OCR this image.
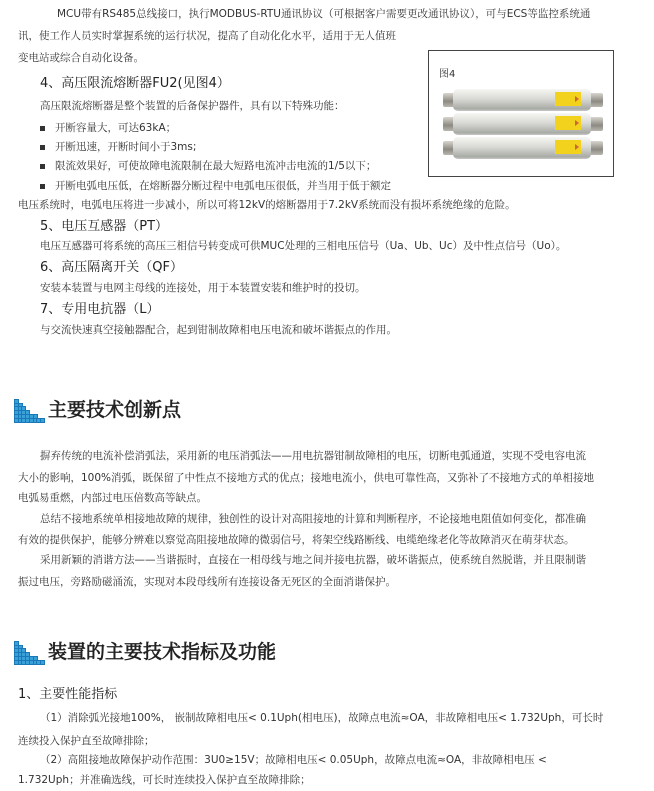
MCU带有RS485总线接口，执行MODBUS-RTU通讯协议（可根据客户需要更改通讯协议），可与ECS等监控系统通
讯，使工作人员实时掌握系统的运行状况，提高了自动化化水平，适用于无人值班
变电站或综合自动化设备。
图4
4、高压限流熔断器FU2(见图4）
高压限流熔断器是整个装置的后备保护器件，具有以下特殊功能：
开断容量大，可达63kA；
开断迅速，开断时间小于3ms;
限流效果好，可使故障电流限制在最大短路电流冲击电流的1/5以下；
开断电弧电压低，在熔断器分断过程中电弧电压很低，并当用于低于额定
电压系统时，电弧电压将进一步减小，所以可将12kV的熔断器用于7.2kV系统而没有损坏系统绝缘的危险。
5、电压互感器（PT）
电压互感器可将系统的高压三相信号转变成可供MUC处理的三相电压信号（Ua、Ub、Uc）及中性点信号（Uo）。
6、高压隔离开关（QF）
安装本装置与电网主母线的连接处，用于本装置安装和维护时的投切。
7、专用电抗器（L）
与交流快速真空接触器配合，起到钳制故障相电压电流和破坏谐振点的作用。
主要技术创新点
摒弃传统的电流补偿消弧法，采用新的电压消弧法——用电抗器钳制故障相的电压，切断电弧通道，实现不受电容电流
大小的影响，100%消弧，既保留了中性点不接地方式的优点；接地电流小，供电可靠性高，又弥补了不接地方式的单相接地
电弧易重燃，内部过电压倍数高等缺点。
总结不接地系统单相接地故障的规律，独创性的设计对高阻接地的计算和判断程序，不论接地电阻值如何变化，都准确
有效的提供保护，能够分辨难以察觉高阻接地故障的微弱信号，将架空线路断线、电缆绝缘老化等故障消灭在萌芽状态。
采用新颖的消谐方法——当谐振时，直接在一相母线与地之间并接电抗器，破坏谐振点，使系统自然脱谐，并且限制谐
振过电压，旁路励磁涌流，实现对本段母线所有连接设备无死区的全面消谐保护。
装置的主要技术指标及功能
1、主要性能指标
（1）消除弧光接地100%， 嵌制故障相电压< 0.1Uph(相电压)，故障点电流≈OA，非故障相电压< 1.732Uph，可长时
连续投入保护直至故障排除；
（2）高阻接地故障保护动作范围：3U0≥15V；故障相电压< 0.05Uph，故障点电流≈OA，非故障相电压 <
1.732Uph；并准确选线，可长时连续投入保护直至故障排除；
